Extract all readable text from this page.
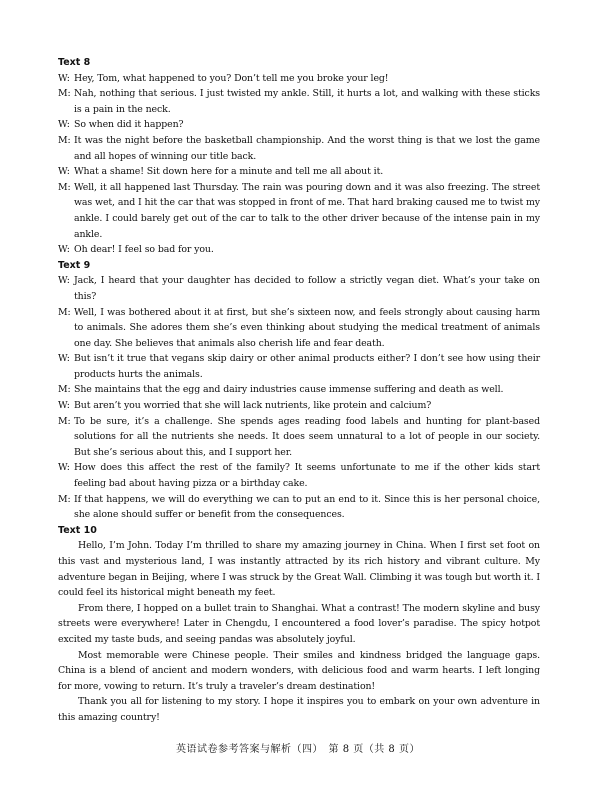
Text 8
W: Hey, Tom, what happened to you? Don’t tell me you broke your leg!
M: Nah, nothing that serious. I just twisted my ankle. Still, it hurts a lot, and walking with these sticks is a pain in the neck.
W: So when did it happen?
M: It was the night before the basketball championship. And the worst thing is that we lost the game and all hopes of winning our title back.
W: What a shame! Sit down here for a minute and tell me all about it.
M: Well, it all happened last Thursday. The rain was pouring down and it was also freezing. The street was wet, and I hit the car that was stopped in front of me. That hard braking caused me to twist my ankle. I could barely get out of the car to talk to the other driver because of the intense pain in my ankle.
W: Oh dear! I feel so bad for you.
Text 9
W: Jack, I heard that your daughter has decided to follow a strictly vegan diet. What’s your take on this?
M: Well, I was bothered about it at first, but she’s sixteen now, and feels strongly about causing harm to animals. She adores them she’s even thinking about studying the medical treatment of animals one day. She believes that animals also cherish life and fear death.
W: But isn’t it true that vegans skip dairy or other animal products either? I don’t see how using their products hurts the animals.
M: She maintains that the egg and dairy industries cause immense suffering and death as well.
W: But aren’t you worried that she will lack nutrients, like protein and calcium?
M: To be sure, it’s a challenge. She spends ages reading food labels and hunting for plant-based solutions for all the nutrients she needs. It does seem unnatural to a lot of people in our society. But she’s serious about this, and I support her.
W: How does this affect the rest of the family? It seems unfortunate to me if the other kids start feeling bad about having pizza or a birthday cake.
M: If that happens, we will do everything we can to put an end to it. Since this is her personal choice, she alone should suffer or benefit from the consequences.
Text 10
Hello, I’m John. Today I’m thrilled to share my amazing journey in China. When I first set foot on this vast and mysterious land, I was instantly attracted by its rich history and vibrant culture. My adventure began in Beijing, where I was struck by the Great Wall. Climbing it was tough but worth it. I could feel its historical might beneath my feet.
From there, I hopped on a bullet train to Shanghai. What a contrast! The modern skyline and busy streets were everywhere! Later in Chengdu, I encountered a food lover’s paradise. The spicy hotpot excited my taste buds, and seeing pandas was absolutely joyful.
Most memorable were Chinese people. Their smiles and kindness bridged the language gaps. China is a blend of ancient and modern wonders, with delicious food and warm hearts. I left longing for more, vowing to return. It’s truly a traveler’s dream destination!
Thank you all for listening to my story. I hope it inspires you to embark on your own adventure in this amazing country!
英语试卷参考答案与解析（四）　第 8 页（共 8 页）
